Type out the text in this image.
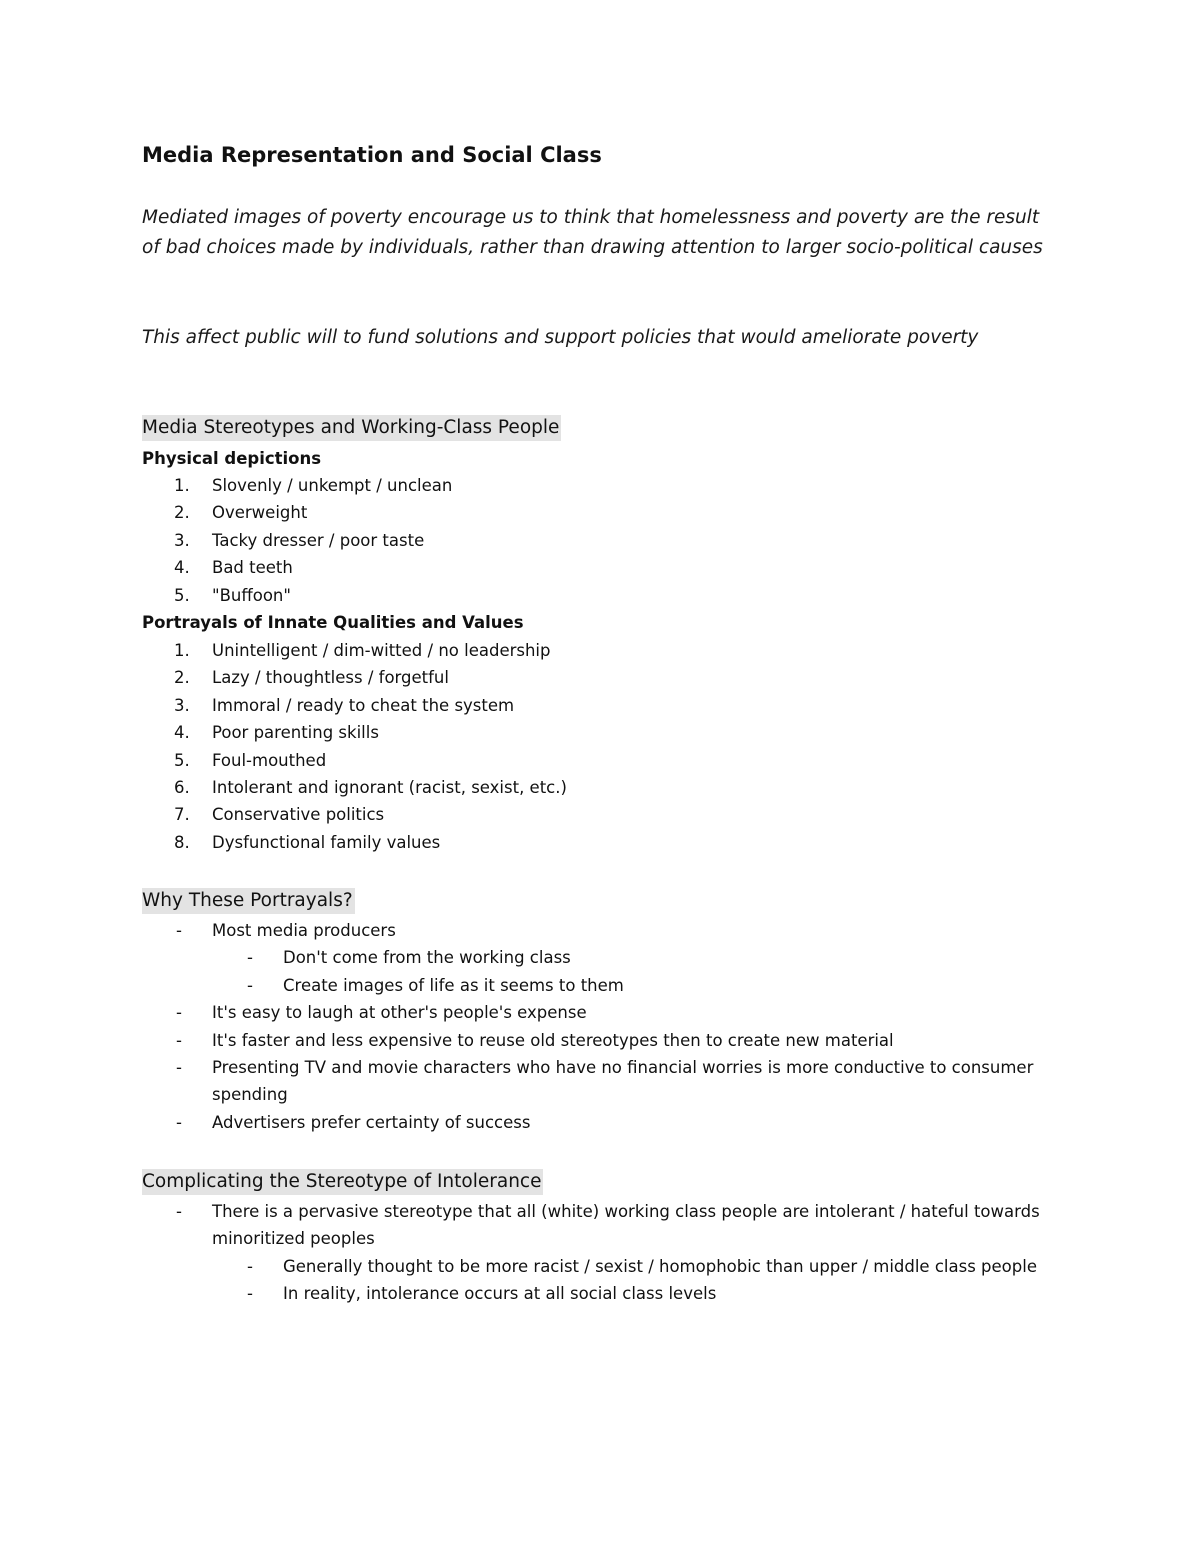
Media Representation and Social Class

Mediated images of poverty encourage us to think that homelessness and poverty are the result of bad choices made by individuals, rather than drawing attention to larger socio-political causes

This affect public will to fund solutions and support policies that would ameliorate poverty

Media Stereotypes and Working-Class People
Physical depictions
1.	Slovenly / unkempt / unclean
2.	Overweight
3.	Tacky dresser / poor taste
4.	Bad teeth
5.	"Buffoon"
Portrayals of Innate Qualities and Values
1.	Unintelligent / dim-witted / no leadership
2.	Lazy / thoughtless / forgetful
3.	Immoral / ready to cheat the system
4.	Poor parenting skills
5.	Foul-mouthed
6.	Intolerant and ignorant (racist, sexist, etc.)
7.	Conservative politics
8.	Dysfunctional family values
Why These Portrayals?
- Most media producers
- Don't come from the working class
- Create images of life as it seems to them
- It's easy to laugh at other's people's expense
- It's faster and less expensive to reuse old stereotypes then to create new material
- Presenting TV and movie characters who have no financial worries is more conductive to consumer spending
- Advertisers prefer certainty of success
Complicating the Stereotype of Intolerance
- There is a pervasive stereotype that all (white) working class people are intolerant / hateful towards minoritized peoples
- Generally thought to be more racist / sexist / homophobic than upper / middle class people
- In reality, intolerance occurs at all social class levels
